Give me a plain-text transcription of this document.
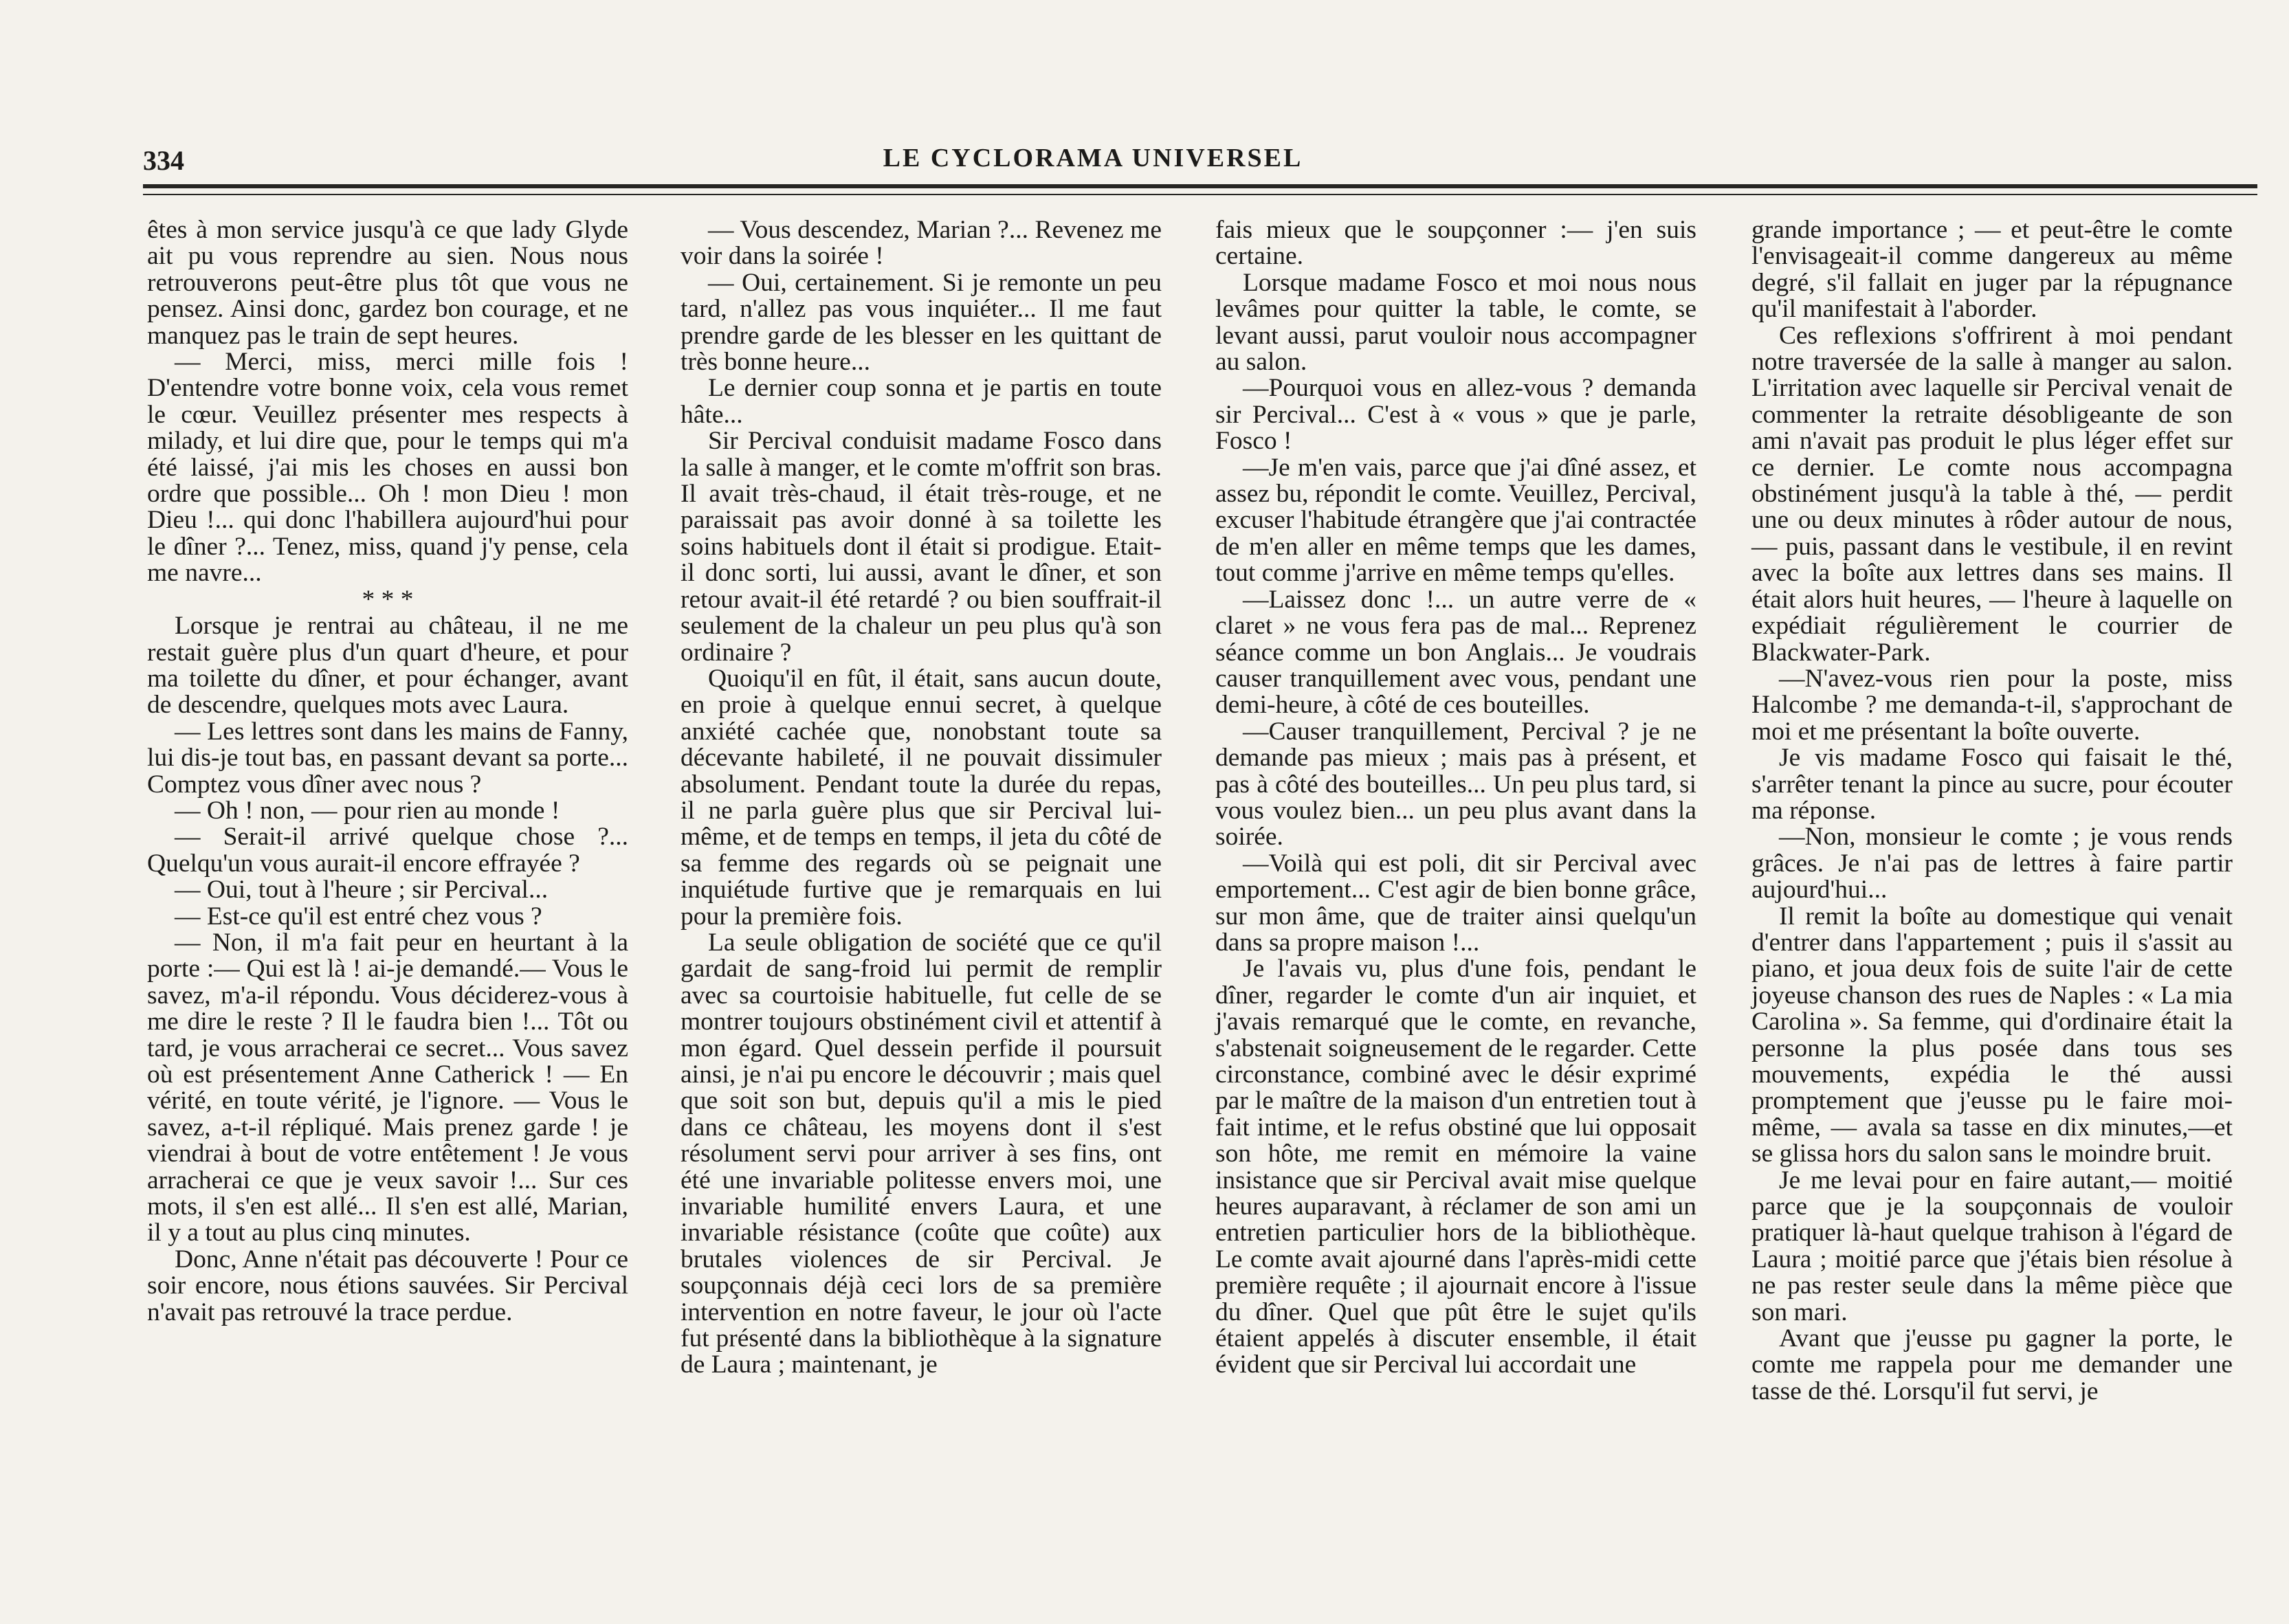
334	LE CYCLORAMA UNIVERSEL

êtes à mon service jusqu'à ce que lady Glyde ait pu vous reprendre au sien. Nous nous retrouverons peut-être plus tôt que vous ne pensez. Ainsi donc, gardez bon courage, et ne manquez pas le train de sept heures.

— Merci, miss, merci mille fois ! D'entendre votre bonne voix, cela vous remet le cœur. Veuillez présenter mes respects à milady, et lui dire que, pour le temps qui m'a été laissé, j'ai mis les choses en aussi bon ordre que possible... Oh ! mon Dieu ! mon Dieu !... qui donc l'habillera aujourd'hui pour le dîner ?... Tenez, miss, quand j'y pense, cela me navre...

* * *

Lorsque je rentrai au château, il ne me restait guère plus d'un quart d'heure, et pour ma toilette du dîner, et pour échanger, avant de descendre, quelques mots avec Laura.

— Les lettres sont dans les mains de Fanny, lui dis-je tout bas, en passant devant sa porte... Comptez vous dîner avec nous ?

— Oh ! non, — pour rien au monde !

— Serait-il arrivé quelque chose ?... Quelqu'un vous aurait-il encore effrayée ?

— Oui, tout à l'heure ; sir Percival...

— Est-ce qu'il est entré chez vous ?

— Non, il m'a fait peur en heurtant à la porte :— Qui est là ! ai-je demandé.— Vous le savez, m'a-il répondu. Vous déciderez-vous à me dire le reste ? Il le faudra bien !... Tôt ou tard, je vous arracherai ce secret... Vous savez où est présentement Anne Catherick ! — En vérité, en toute vérité, je l'ignore. — Vous le savez, a-t-il répliqué. Mais prenez garde ! je viendrai à bout de votre entêtement ! Je vous arracherai ce que je veux savoir !... Sur ces mots, il s'en est allé... Il s'en est allé, Marian, il y a tout au plus cinq minutes.

Donc, Anne n'était pas découverte ! Pour ce soir encore, nous étions sauvées. Sir Percival n'avait pas retrouvé la trace perdue.

— Vous descendez, Marian ?... Revenez me voir dans la soirée !

— Oui, certainement. Si je remonte un peu tard, n'allez pas vous inquiéter... Il me faut prendre garde de les blesser en les quittant de très bonne heure...

Le dernier coup sonna et je partis en toute hâte...

Sir Percival conduisit madame Fosco dans la salle à manger, et le comte m'offrit son bras. Il avait très-chaud, il était très-rouge, et ne paraissait pas avoir donné à sa toilette les soins habituels dont il était si prodigue. Etait-il donc sorti, lui aussi, avant le dîner, et son retour avait-il été retardé ? ou bien souffrait-il seulement de la chaleur un peu plus qu'à son ordinaire ?

Quoiqu'il en fût, il était, sans aucun doute, en proie à quelque ennui secret, à quelque anxiété cachée que, nonobstant toute sa décevante habileté, il ne pouvait dissimuler absolument. Pendant toute la durée du repas, il ne parla guère plus que sir Percival lui-même, et de temps en temps, il jeta du côté de sa femme des regards où se peignait une inquiétude furtive que je remarquais en lui pour la première fois.

La seule obligation de société que ce qu'il gardait de sang-froid lui permit de remplir avec sa courtoisie habituelle, fut celle de se montrer toujours obstinément civil et attentif à mon égard. Quel dessein perfide il poursuit ainsi, je n'ai pu encore le découvrir ; mais quel que soit son but, depuis qu'il a mis le pied dans ce château, les moyens dont il s'est résolument servi pour arriver à ses fins, ont été une invariable politesse envers moi, une invariable humilité envers Laura, et une invariable résistance (coûte que coûte) aux brutales violences de sir Percival. Je soupçonnais déjà ceci lors de sa première intervention en notre faveur, le jour où l'acte fut présenté dans la bibliothèque à la signature de Laura ; maintenant, je

fais mieux que le soupçonner :— j'en suis certaine.

Lorsque madame Fosco et moi nous nous levâmes pour quitter la table, le comte, se levant aussi, parut vouloir nous accompagner au salon.

—Pourquoi vous en allez-vous ? demanda sir Percival... C'est à « vous » que je parle, Fosco !

—Je m'en vais, parce que j'ai dîné assez, et assez bu, répondit le comte. Veuillez, Percival, excuser l'habitude étrangère que j'ai contractée de m'en aller en même temps que les dames, tout comme j'arrive en même temps qu'elles.

—Laissez donc !... un autre verre de « claret » ne vous fera pas de mal... Reprenez séance comme un bon Anglais... Je voudrais causer tranquillement avec vous, pendant une demi-heure, à côté de ces bouteilles.

—Causer tranquillement, Percival ? je ne demande pas mieux ; mais pas à présent, et pas à côté des bouteilles... Un peu plus tard, si vous voulez bien... un peu plus avant dans la soirée.

—Voilà qui est poli, dit sir Percival avec emportement... C'est agir de bien bonne grâce, sur mon âme, que de traiter ainsi quelqu'un dans sa propre maison !...

Je l'avais vu, plus d'une fois, pendant le dîner, regarder le comte d'un air inquiet, et j'avais remarqué que le comte, en revanche, s'abstenait soigneusement de le regarder. Cette circonstance, combiné avec le désir exprimé par le maître de la maison d'un entretien tout à fait intime, et le refus obstiné que lui opposait son hôte, me remit en mémoire la vaine insistance que sir Percival avait mise quelque heures auparavant, à réclamer de son ami un entretien particulier hors de la bibliothèque. Le comte avait ajourné dans l'après-midi cette première requête ; il ajournait encore à l'issue du dîner. Quel que pût être le sujet qu'ils étaient appelés à discuter ensemble, il était évident que sir Percival lui accordait une

grande importance ; — et peut-être le comte l'envisageait-il comme dangereux au même degré, s'il fallait en juger par la répugnance qu'il manifestait à l'aborder.

Ces reflexions s'offrirent à moi pendant notre traversée de la salle à manger au salon. L'irritation avec laquelle sir Percival venait de commenter la retraite désobligeante de son ami n'avait pas produit le plus léger effet sur ce dernier. Le comte nous accompagna obstinément jusqu'à la table à thé, — perdit une ou deux minutes à rôder autour de nous, — puis, passant dans le vestibule, il en revint avec la boîte aux lettres dans ses mains. Il était alors huit heures, — l'heure à laquelle on expédiait régulièrement le courrier de Blackwater-Park.

—N'avez-vous rien pour la poste, miss Halcombe ? me demanda-t-il, s'approchant de moi et me présentant la boîte ouverte.

Je vis madame Fosco qui faisait le thé, s'arrêter tenant la pince au sucre, pour écouter ma réponse.

—Non, monsieur le comte ; je vous rends grâces. Je n'ai pas de lettres à faire partir aujourd'hui...

Il remit la boîte au domestique qui venait d'entrer dans l'appartement ; puis il s'assit au piano, et joua deux fois de suite l'air de cette joyeuse chanson des rues de Naples : « La mia Carolina ». Sa femme, qui d'ordinaire était la personne la plus posée dans tous ses mouvements, expédia le thé aussi promptement que j'eusse pu le faire moi-même, — avala sa tasse en dix minutes,—et se glissa hors du salon sans le moindre bruit.

Je me levai pour en faire autant,— moitié parce que je la soupçonnais de vouloir pratiquer là-haut quelque trahison à l'égard de Laura ; moitié parce que j'étais bien résolue à ne pas rester seule dans la même pièce que son mari.

Avant que j'eusse pu gagner la porte, le comte me rappela pour me demander une tasse de thé. Lorsqu'il fut servi, je
